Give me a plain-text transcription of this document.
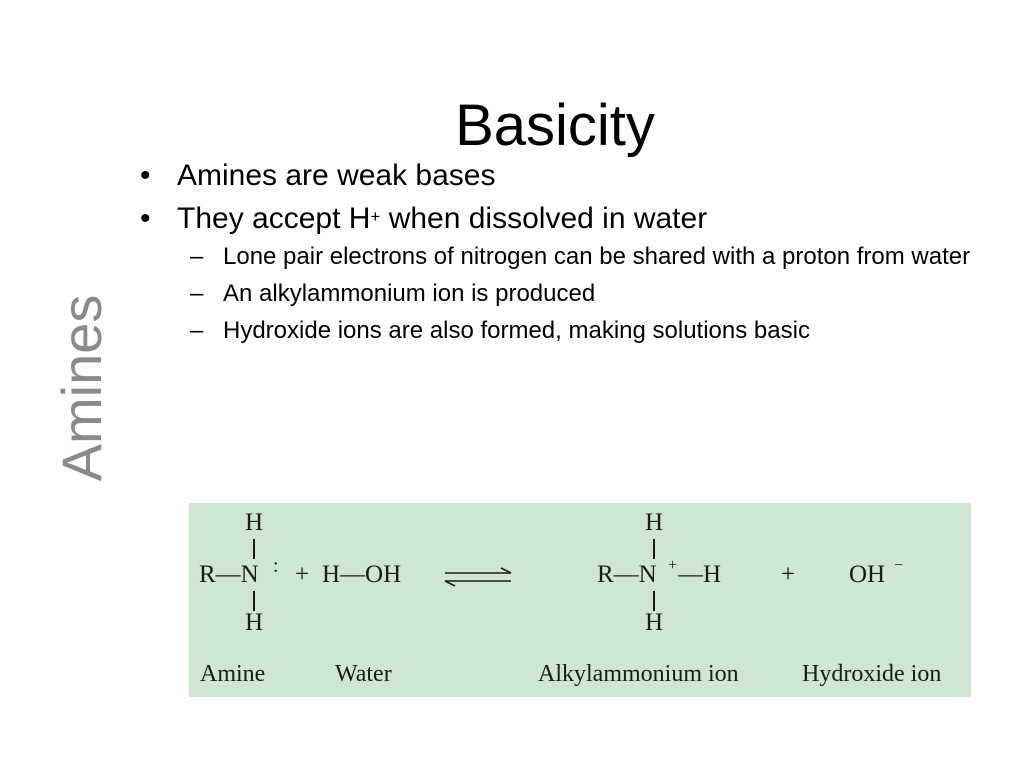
Basicity
Amines
• Amines are weak bases
• They accept H+ when dissolved in water
– Lone pair electrons of nitrogen can be shared with a proton from water
– An alkylammonium ion is produced
– Hydroxide ions are also formed, making solutions basic
H
R—N :
H
+ H—OH
H
R—N + —H
H
+ OH −
Amine	Water	Alkylammonium ion	Hydroxide ion
